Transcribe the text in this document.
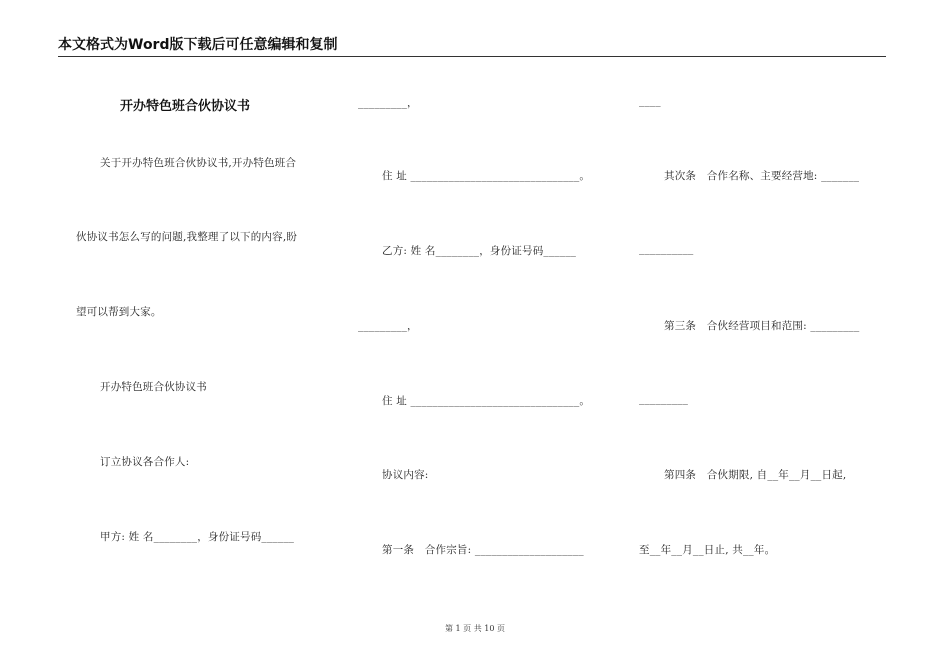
本文格式为Word版下载后可任意编辑和复制
开办特色班合伙协议书
关于开办特色班合伙协议书,开办特色班合
伙协议书怎么写的问题,我整理了以下的内容,盼
望可以帮到大家。
开办特色班合伙协议书
订立协议各合作人:
甲方: 姓 名________，身份证号码______
_________，
住 址 _______________________________。
乙方: 姓 名________，身份证号码______
_________，
住 址 _______________________________。
协议内容:
第一条　合作宗旨: ____________________
____
其次条　合作名称、主要经营地: _______
__________
第三条　合伙经营项目和范围: _________
_________
第四条　合伙期限, 自__年__月__日起,
至__年__月__日止, 共__年。
第 1 页 共 10 页
